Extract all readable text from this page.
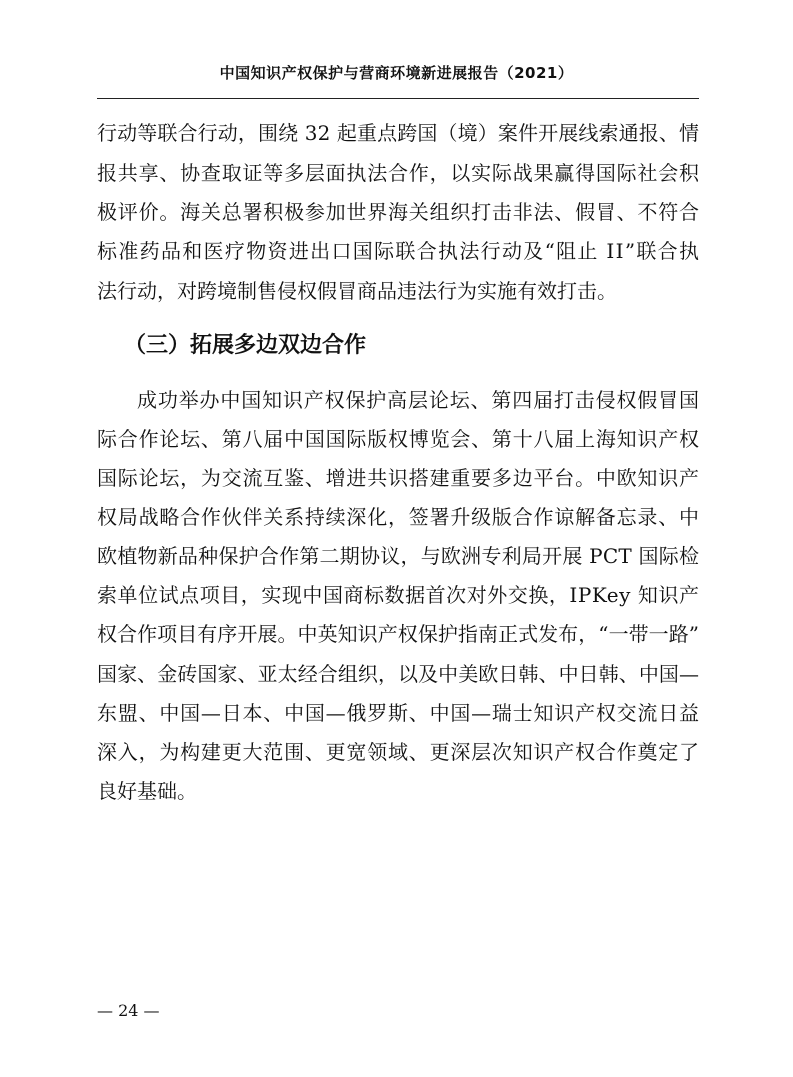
中国知识产权保护与营商环境新进展报告（2021）
行动等联合行动，围绕 32 起重点跨国（境）案件开展线索通报、情
报共享、协查取证等多层面执法合作，以实际战果赢得国际社会积
极评价。海关总署积极参加世界海关组织打击非法、假冒、不符合
标准药品和医疗物资进出口国际联合执法行动及“阻止 II”联合执
法行动，对跨境制售侵权假冒商品违法行为实施有效打击。
（三）拓展多边双边合作
成功举办中国知识产权保护高层论坛、第四届打击侵权假冒国
际合作论坛、第八届中国国际版权博览会、第十八届上海知识产权
国际论坛，为交流互鉴、增进共识搭建重要多边平台。中欧知识产
权局战略合作伙伴关系持续深化，签署升级版合作谅解备忘录、中
欧植物新品种保护合作第二期协议，与欧洲专利局开展 PCT 国际检
索单位试点项目，实现中国商标数据首次对外交换，IPKey 知识产
权合作项目有序开展。中英知识产权保护指南正式发布，“一带一路”
国家、金砖国家、亚太经合组织，以及中美欧日韩、中日韩、中国—
东盟、中国—日本、中国—俄罗斯、中国—瑞士知识产权交流日益
深入，为构建更大范围、更宽领域、更深层次知识产权合作奠定了
良好基础。
— 24 —
